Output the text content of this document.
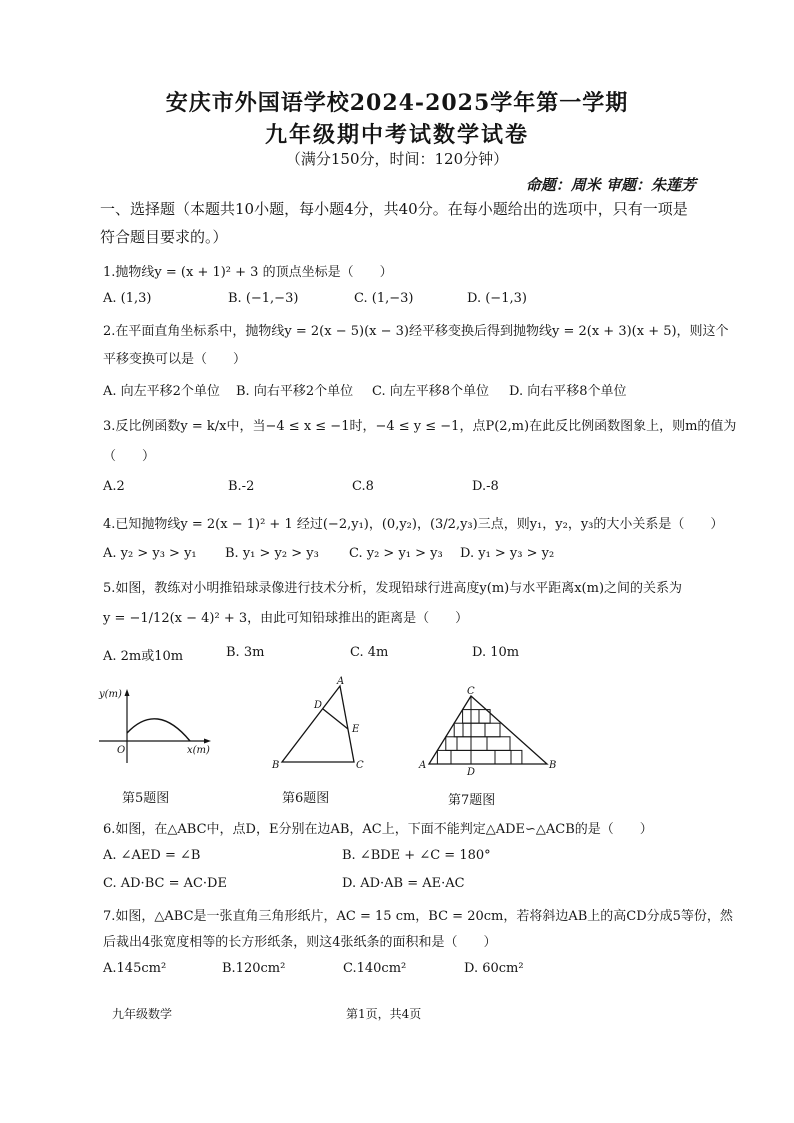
安庆市外国语学校2024-2025学年第一学期
九年级期中考试数学试卷
（满分150分，时间：120分钟）
命题：周米 审题：朱莲芳
一、选择题（本题共10小题，每小题4分，共40分。在每小题给出的选项中，只有一项是
符合题目要求的。）
1.抛物线y = (x + 1)² + 3 的顶点坐标是（　　）
A. (1,3)	B. (−1,−3)	C. (1,−3)	D. (−1,3)
2.在平面直角坐标系中，抛物线y = 2(x − 5)(x − 3)经平移变换后得到抛物线y = 2(x + 3)(x + 5)，则这个
平移变换可以是（　　）
A. 向左平移2个单位 B. 向右平移2个单位 C. 向左平移8个单位 D. 向右平移8个单位
3.反比例函数y = k/x中，当−4 ≤ x ≤ −1时，−4 ≤ y ≤ −1，点P(2,m)在此反比例函数图象上，则m的值为
（　　）
A.2	B.-2	C.8	D.-8
4.已知抛物线y = 2(x − 1)² + 1 经过(−2,y₁)，(0,y₂)，(3/2,y₃)三点，则y₁，y₂，y₃的大小关系是（　　）
A. y₂ > y₃ > y₁ B. y₁ > y₂ > y₃ C. y₂ > y₁ > y₃ D. y₁ > y₃ > y₂
5.如图，教练对小明推铅球录像进行技术分析，发现铅球行进高度y(m)与水平距离x(m)之间的关系为
y = −1/12(x − 4)² + 3，由此可知铅球推出的距离是（　　）
A. 2m或10m	B. 3m	C. 4m	D. 10m
y(m)
x(m)
O
第5题图
A
B	C
D
E
第6题图
C
A	B
D
第7题图
6.如图，在△ABC中，点D，E分别在边AB，AC上，下面不能判定△ADE∽△ACB的是（　　）
A. ∠AED = ∠B	B. ∠BDE + ∠C = 180°
C. AD·BC = AC·DE	D. AD·AB = AE·AC
7.如图，△ABC是一张直角三角形纸片，AC = 15 cm，BC = 20cm，若将斜边AB上的高CD分成5等份，然
后裁出4张宽度相等的长方形纸条，则这4张纸条的面积和是（　　）
A.145cm²	B.120cm²	C.140cm²	D. 60cm²
九年级数学	第1页，共4页
